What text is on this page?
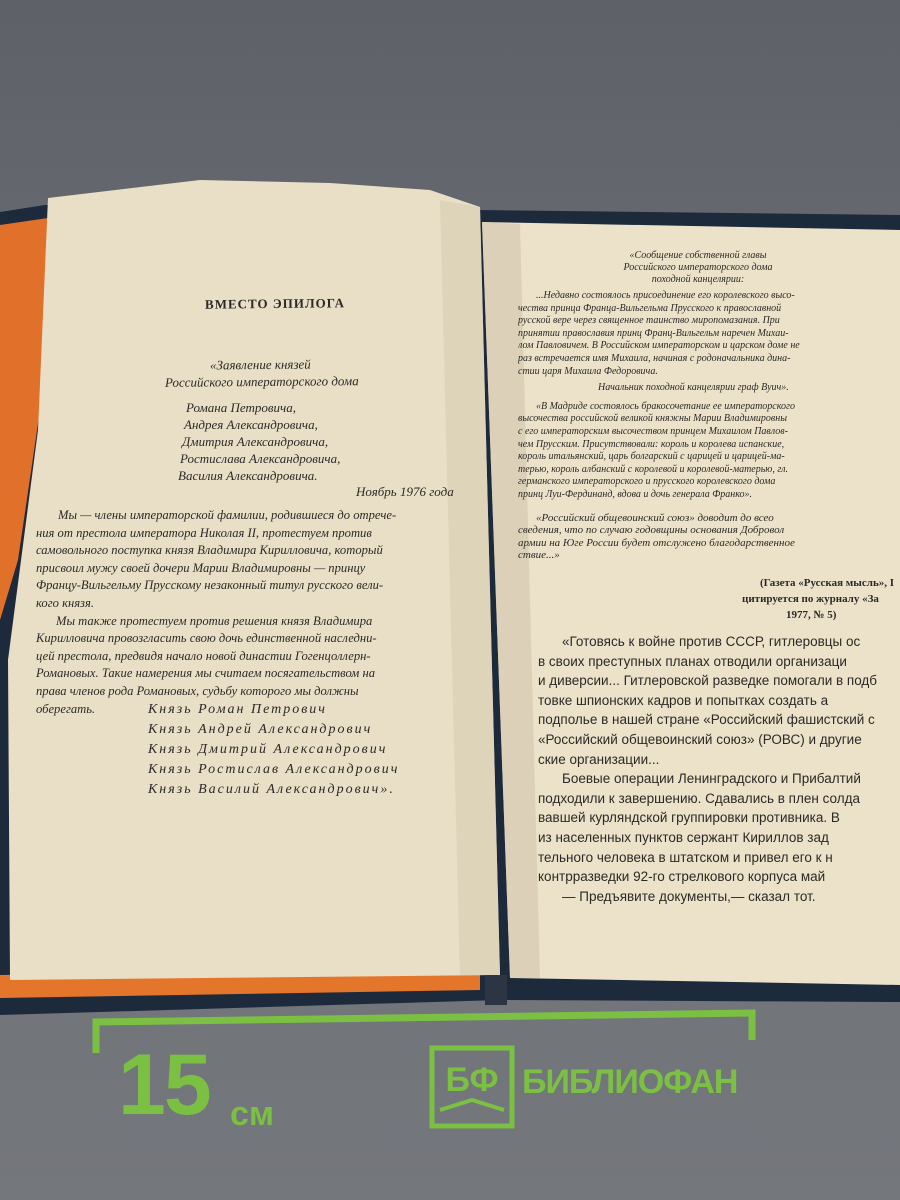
ВМЕСТО ЭПИЛОГА
«Заявление князей
Российского императорского дома
Романа Петровича,
Андрея Александровича,
Дмитрия Александровича,
Ростислава Александровича,
Василия Александровича.
Ноябрь 1976 года
Мы — члены императорской фамилии, родившиеся до отрече-
ния от престола императора Николая II, протестуем против
самовольного поступка князя Владимира Кирилловича, который
присвоил мужу своей дочери Марии Владимировны — принцу
Францу-Вильгельму Прусскому незаконный титул русского вели-
кого князя.
Мы также протестуем против решения князя Владимира
Кирилловича провозгласить свою дочь единственной наследни-
цей престола, предвидя начало новой династии Гогенцоллерн-
Романовых. Такие намерения мы считаем посягательством на
права членов рода Романовых, судьбу которого мы должны
оберегать.	Князь Роман Петрович
Князь Андрей Александрович
Князь Дмитрий Александрович
Князь Ростислав Александрович
Князь Василий Александрович».
«Сообщение собственной главы
Российского императорского дома
походной канцелярии:
...Недавно состоялось присоединение его королевского высо-
чества принца Франца-Вильгельма Прусского к православной
русской вере через священное таинство миропомазания. При
принятии православия принц Франц-Вильгельм наречен Михаи-
лом Павловичем. В Российском императорском и царском доме не
раз встречается имя Михаила, начиная с родоначальника дина-
стии царя Михаила Федоровича.
Начальник походной канцелярии граф Вуич».
«В Мадриде состоялось бракосочетание ее императорского
высочества российской великой княжны Марии Владимировны
с его императорским высочеством принцем Михаилом Павлов-
чем Прусским. Присутствовали: король и королева испанские,
король итальянский, царь болгарский с царицей и царицей-ма-
терью, король албанский с королевой и королевой-матерью, гл.
германского императорского и прусского королевского дома
принц Луи-Фердинанд, вдова и дочь генерала Франко».
«Российский общевоинский союз» доводит до всео
сведения, что по случаю годовщины основания Добровол
армии на Юге России будет отслужено благодарственное
ствие...»
(Газета «Русская мысль», I
цитируется по журналу «За
1977, № 5)
«Готовясь к войне против СССР, гитлеровцы ос
в своих преступных планах отводили организаци
и диверсии... Гитлеровской разведке помогали в подб
товке шпионских кадров и попытках создать а
подполье в нашей стране «Российский фашистский с
«Российский общевоинский союз» (РОВС) и другие
ские организации...
Боевые операции Ленинградского и Прибалтий
подходили к завершению. Сдавались в плен солда
вавшей курляндской группировки противника. В
из населенных пунктов сержант Кириллов зад
тельного человека в штатском и привел его к н
контрразведки 92-го стрелкового корпуса май
— Предъявите документы,— сказал тот.
15 см
БФ БИБЛИОФАН
